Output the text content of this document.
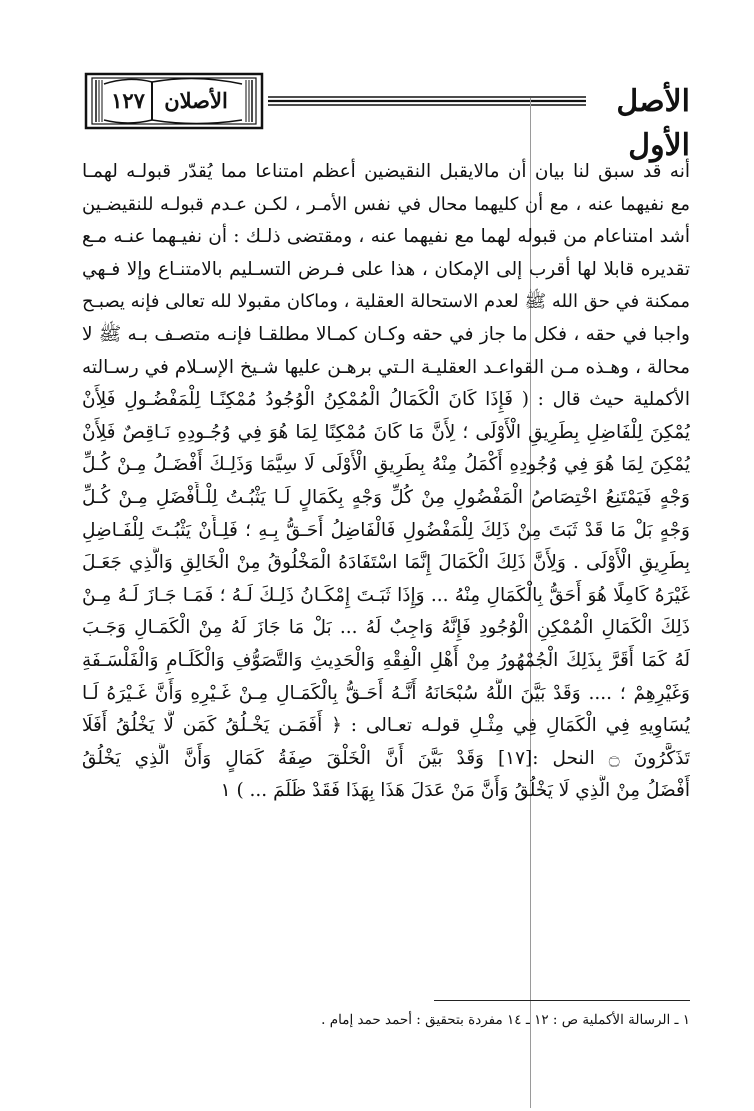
١٢٧ الأصلان	الأصل الأول
أنه قد سبق لنا بيان أن مالايقبل النقيضين أعظم امتناعا مما يُقدّر قبولـه لهمـا
مع نفيهما عنه ، مع أن كليهما محال في نفس الأمـر ، لكـن عـدم قبولـه للنقيضـين
أشد امتناعام من قبوله لهما مع نفيهما عنه ، ومقتضى ذلـك : أن نفيـهما عنـه مـع
تقديره قابلا لها أقرب إلى الإمكان ، هذا على فـرض التسـليم بالامتنـاع وإلا فـهي
ممكنة في حق الله ﷺ لعدم الاستحالة العقلية ، وماكان مقبولا لله تعالى فإنه يصبـح
واجبا في حقه ، فكل ما جاز في حقه وكـان كمـالا مطلقـا فإنـه متصـف بـه ﷺ لا
محالة ، وهـذه مـن القواعـد العقليـة الـتي برهـن عليها شـيخ الإسـلام في رسـالته
الأكملية حيث قال : ( فَإِذَا كَانَ الْكَمَالُ الْمُمْكِنُ الْوُجُودُ مُمْكِنًـا لِلْمَفْضُـولِ فَلِأَنْ
يُمْكِنَ لِلْفَاضِلِ بِطَرِيقِ الْأَوْلَى ؛ لِأَنَّ مَا كَانَ مُمْكِنًا لِمَا هُوَ فِي وُجُـودِهِ نَـاقِصٌ فَلِأَنْ
يُمْكِنَ لِمَا هُوَ فِي وُجُودِهِ أَكْمَلُ مِنْهُ بِطَرِيقِ الْأَوْلَى لَا سِيَّمَا وَذَلِـكَ أَفْضَـلُ مِـنْ كُـلِّ
وَجْهٍ فَيَمْتَنِعُ اخْتِصَاصُ الْمَفْضُولِ مِنْ كُلِّ وَجْهٍ بِكَمَالٍ لَـا يَثْبُـتُ لِلْـأَفْضَلِ مِـنْ كُـلِّ
وَجْهٍ بَلْ مَا قَدْ ثَبَتَ مِنْ ذَلِكَ لِلْمَفْضُولِ فَالْفَاضِلُ أَحَـقُّ بِـهِ ؛ فَلِـأَنْ يَثْبُـتَ لِلْفَـاضِلِ
بِطَرِيقِ الْأَوْلَى . وَلِأَنَّ ذَلِكَ الْكَمَالَ إِنَّمَا اسْتَفَادَهُ الْمَخْلُوقُ مِنْ الْخَالِقِ وَالَّذِي جَعَـلَ
غَيْرَهُ كَامِلًا هُوَ أَحَقُّ بِالْكَمَالِ مِنْهُ ... وَإِذَا ثَبَـتَ إِمْكَـانُ ذَلِـكَ لَـهُ ؛ فَمَـا جَـازَ لَـهُ مِـنْ
ذَلِكَ الْكَمَالِ الْمُمْكِنِ الْوُجُودِ فَإِنَّهُ وَاجِبٌ لَهُ ... بَلْ مَا جَازَ لَهُ مِنْ الْكَمَـالِ وَجَـبَ
لَهُ كَمَا أَقَرَّ بِذَلِكَ الْجُمْهُورُ مِنْ أَهْلِ الْفِقْهِ وَالْحَدِيثِ وَالتَّصَوُّفِ وَالْكَلَـامِ وَالْفَلْسَـفَةِ
وَغَيْرِهِمْ ؛ .... وَقَدْ بَيَّنَ اللَّهُ سُبْحَانَهُ أَنَّـهُ أَحَـقُّ بِالْكَمَـالِ مِـنْ غَـيْرِهِ وَأَنَّ غَـيْرَهُ لَـا
يُسَاوِيهِ فِي الْكَمَالِ فِي مِثْـلِ قولـه تعـالى : ﴿ أَفَمَـن يَخْـلُقُ كَمَن لَّا يَخْلُقُ أَفَلَا
تَذَكَّرُونَ ۝ النحل :[١٧] وَقَدْ بَيَّنَ أَنَّ الْخَلْقَ صِفَةُ كَمَالٍ وَأَنَّ الَّذِي يَخْلُقُ
أَفْضَلُ مِنْ الَّذِي لَا يَخْلُقُ وَأَنَّ مَنْ عَدَلَ هَذَا بِهَذَا فَقَدْ ظَلَمَ ... ) ١
١ ـ الرسالة الأكملية ص : ١٢ ـ ١٤ مفردة بتحقيق : أحمد حمد إمام .
